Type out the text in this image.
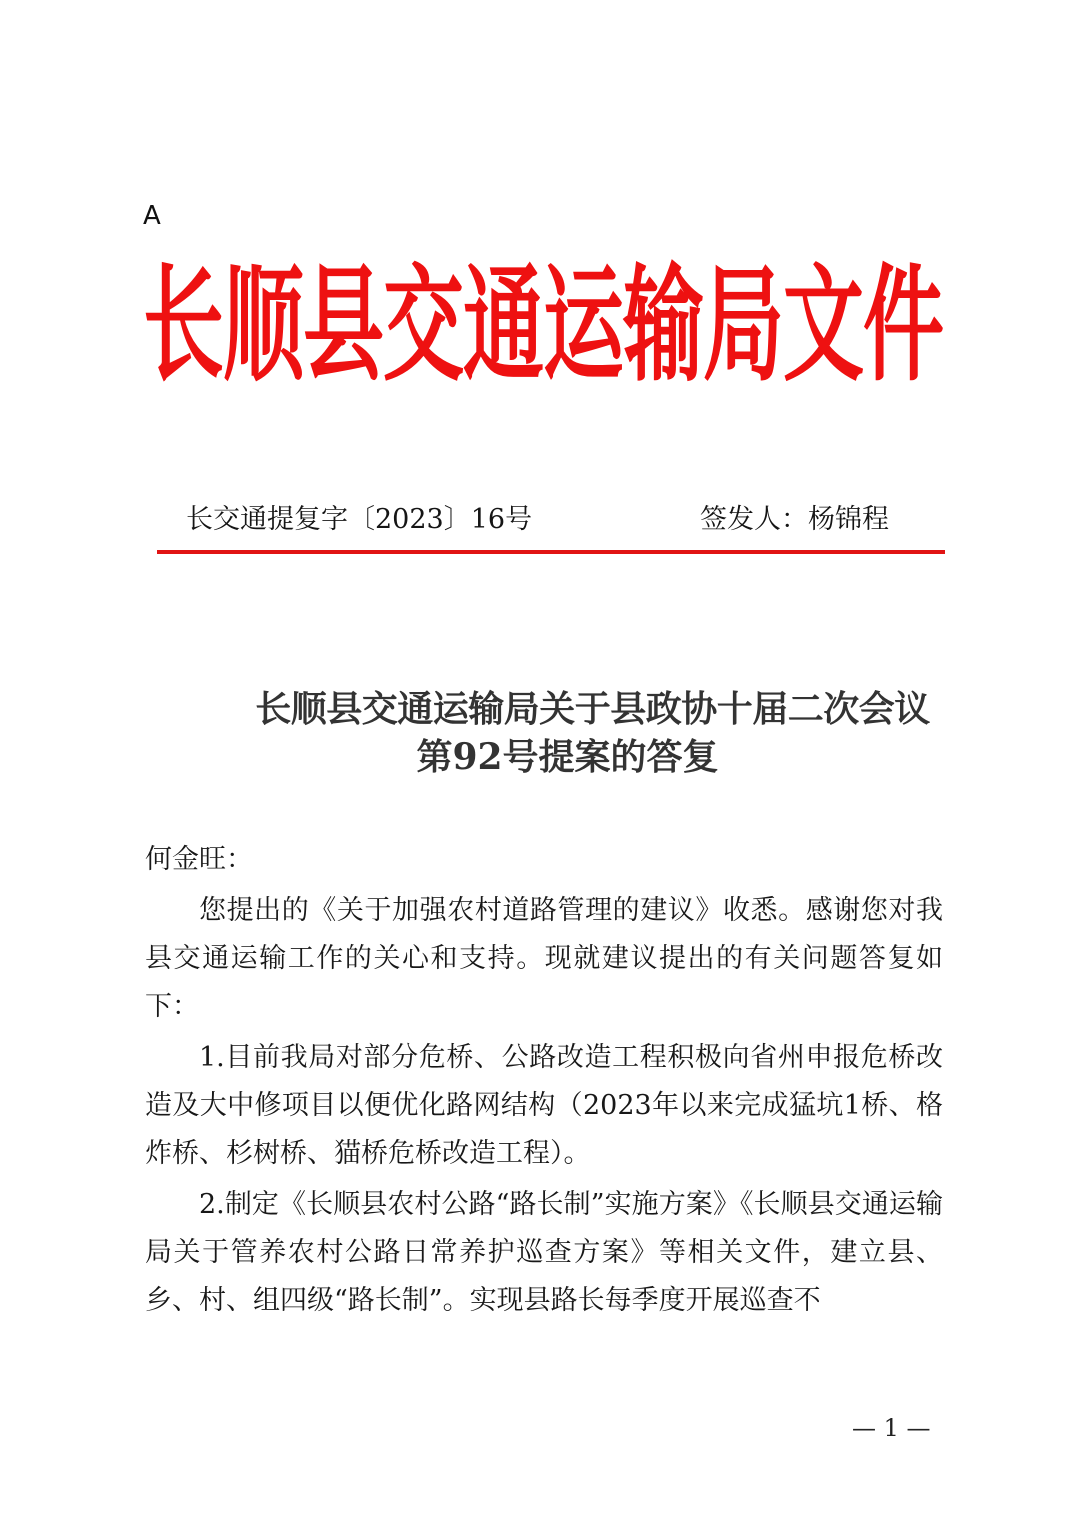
A
长顺县交通运输局文件
长交通提复字〔2023〕16号	签发人：杨锦程
长顺县交通运输局关于县政协十届二次会议
第92号提案的答复

何金旺：

您提出的《关于加强农村道路管理的建议》收悉。感谢您对我县交通运输工作的关心和支持。现就建议提出的有关问题答复如下：

1.目前我局对部分危桥、公路改造工程积极向省州申报危桥改造及大中修项目以便优化路网结构（2023年以来完成猛坑1桥、格炸桥、杉树桥、猫桥危桥改造工程）。

2.制定《长顺县农村公路“路长制”实施方案》《长顺县交通运输局关于管养农村公路日常养护巡查方案》等相关文件，建立县、乡、村、组四级“路长制”。实现县路长每季度开展巡查不

— 1 —
